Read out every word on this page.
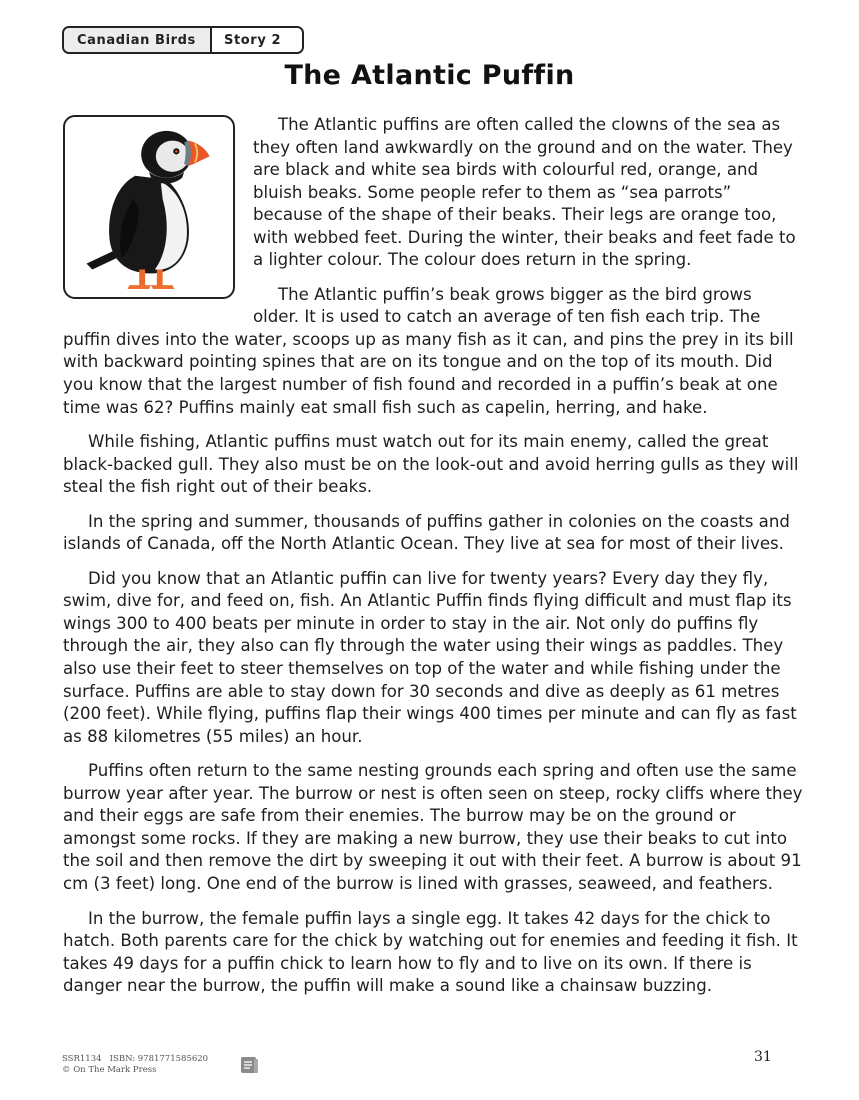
Canadian Birds	Story 2
The Atlantic Puffin

The Atlantic puffins are often called the clowns of the sea as they often land awkwardly on the ground and on the water. They are black and white sea birds with colourful red, orange, and bluish beaks. Some people refer to them as “sea parrots” because of the shape of their beaks. Their legs are orange too, with webbed feet. During the winter, their beaks and feet fade to a lighter colour. The colour does return in the spring.

The Atlantic puffin’s beak grows bigger as the bird grows older. It is used to catch an average of ten fish each trip. The puffin dives into the water, scoops up as many fish as it can, and pins the prey in its bill with backward pointing spines that are on its tongue and on the top of its mouth. Did you know that the largest number of fish found and recorded in a puffin’s beak at one time was 62? Puffins mainly eat small fish such as capelin, herring, and hake.

While fishing, Atlantic puffins must watch out for its main enemy, called the great black-backed gull. They also must be on the look-out and avoid herring gulls as they will steal the fish right out of their beaks.

In the spring and summer, thousands of puffins gather in colonies on the coasts and islands of Canada, off the North Atlantic Ocean. They live at sea for most of their lives.

Did you know that an Atlantic puffin can live for twenty years? Every day they fly, swim, dive for, and feed on, fish. An Atlantic Puffin finds flying difficult and must flap its wings 300 to 400 beats per minute in order to stay in the air. Not only do puffins fly through the air, they also can fly through the water using their wings as paddles. They also use their feet to steer themselves on top of the water and while fishing under the surface. Puffins are able to stay down for 30 seconds and dive as deeply as 61 metres (200 feet). While flying, puffins flap their wings 400 times per minute and can fly as fast as 88 kilometres (55 miles) an hour.

Puffins often return to the same nesting grounds each spring and often use the same burrow year after year. The burrow or nest is often seen on steep, rocky cliffs where they and their eggs are safe from their enemies. The burrow may be on the ground or amongst some rocks. If they are making a new burrow, they use their beaks to cut into the soil and then remove the dirt by sweeping it out with their feet. A burrow is about 91 cm (3 feet) long. One end of the burrow is lined with grasses, seaweed, and feathers.

In the burrow, the female puffin lays a single egg. It takes 42 days for the chick to hatch. Both parents care for the chick by watching out for enemies and feeding it fish. It takes 49 days for a puffin chick to learn how to fly and to live on its own. If there is danger near the burrow, the puffin will make a sound like a chainsaw buzzing.

SSR1134 ISBN: 9781771585620
© On The Mark Press
31
